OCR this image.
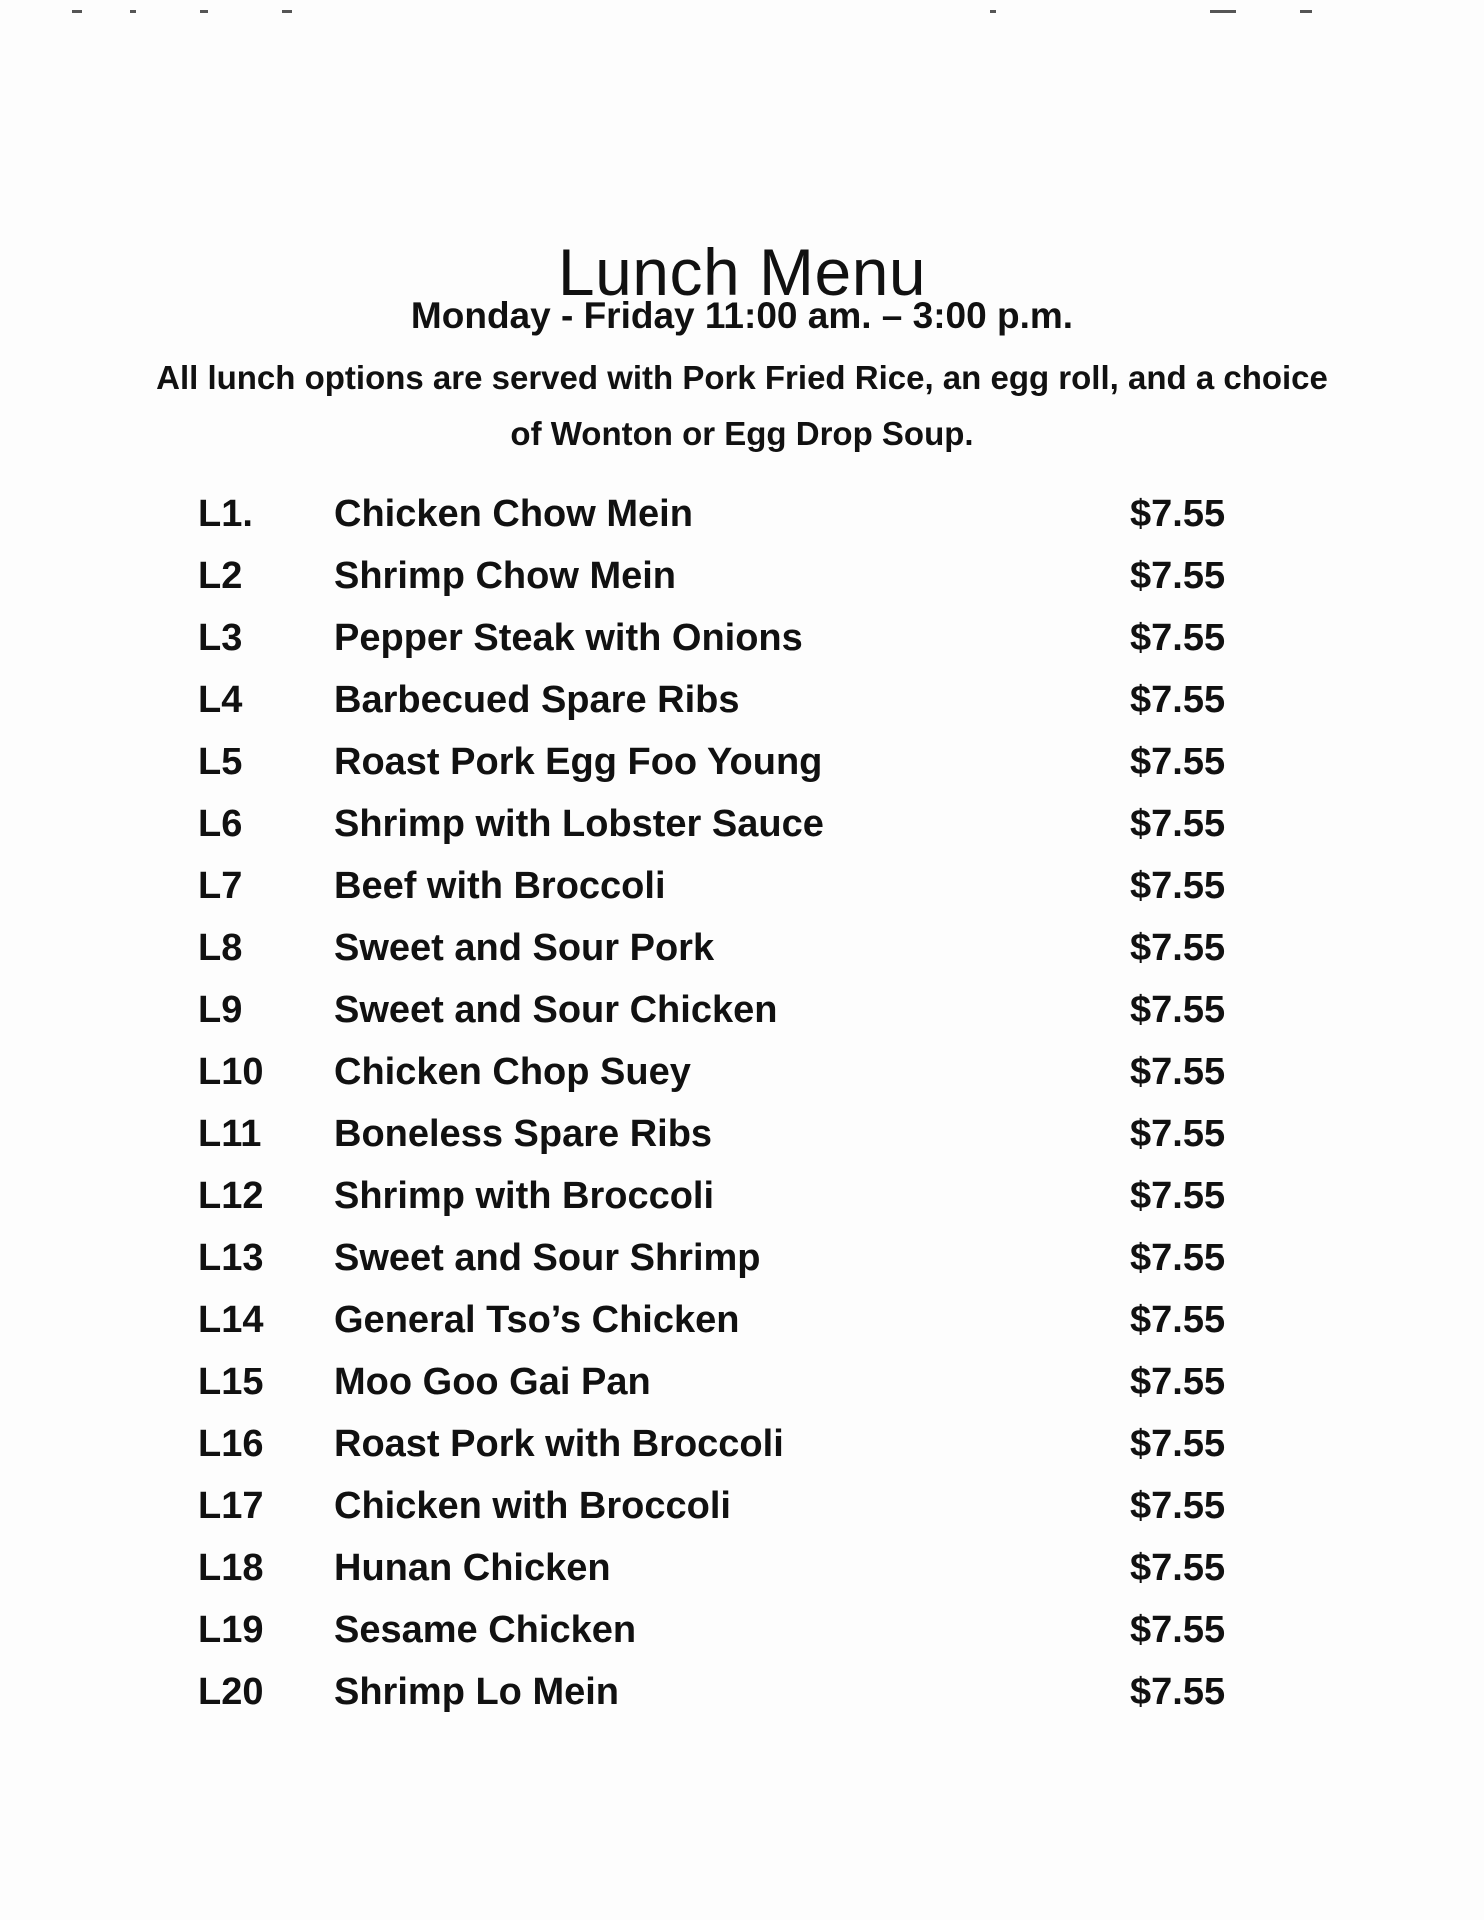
Lunch Menu
Monday - Friday 11:00 am. – 3:00 p.m.
All lunch options are served with Pork Fried Rice, an egg roll, and a choice of Wonton or Egg Drop Soup.
L1.	Chicken Chow Mein	$7.55
L2	Shrimp Chow Mein	$7.55
L3	Pepper Steak with Onions	$7.55
L4	Barbecued Spare Ribs	$7.55
L5	Roast Pork Egg Foo Young	$7.55
L6	Shrimp with Lobster Sauce	$7.55
L7	Beef with Broccoli	$7.55
L8	Sweet and Sour Pork	$7.55
L9	Sweet and Sour Chicken	$7.55
L10	Chicken Chop Suey	$7.55
L11	Boneless Spare Ribs	$7.55
L12	Shrimp with Broccoli	$7.55
L13	Sweet and Sour Shrimp	$7.55
L14	General Tso’s Chicken	$7.55
L15	Moo Goo Gai Pan	$7.55
L16	Roast Pork with Broccoli	$7.55
L17	Chicken with Broccoli	$7.55
L18	Hunan Chicken	$7.55
L19	Sesame Chicken	$7.55
L20	Shrimp Lo Mein	$7.55
